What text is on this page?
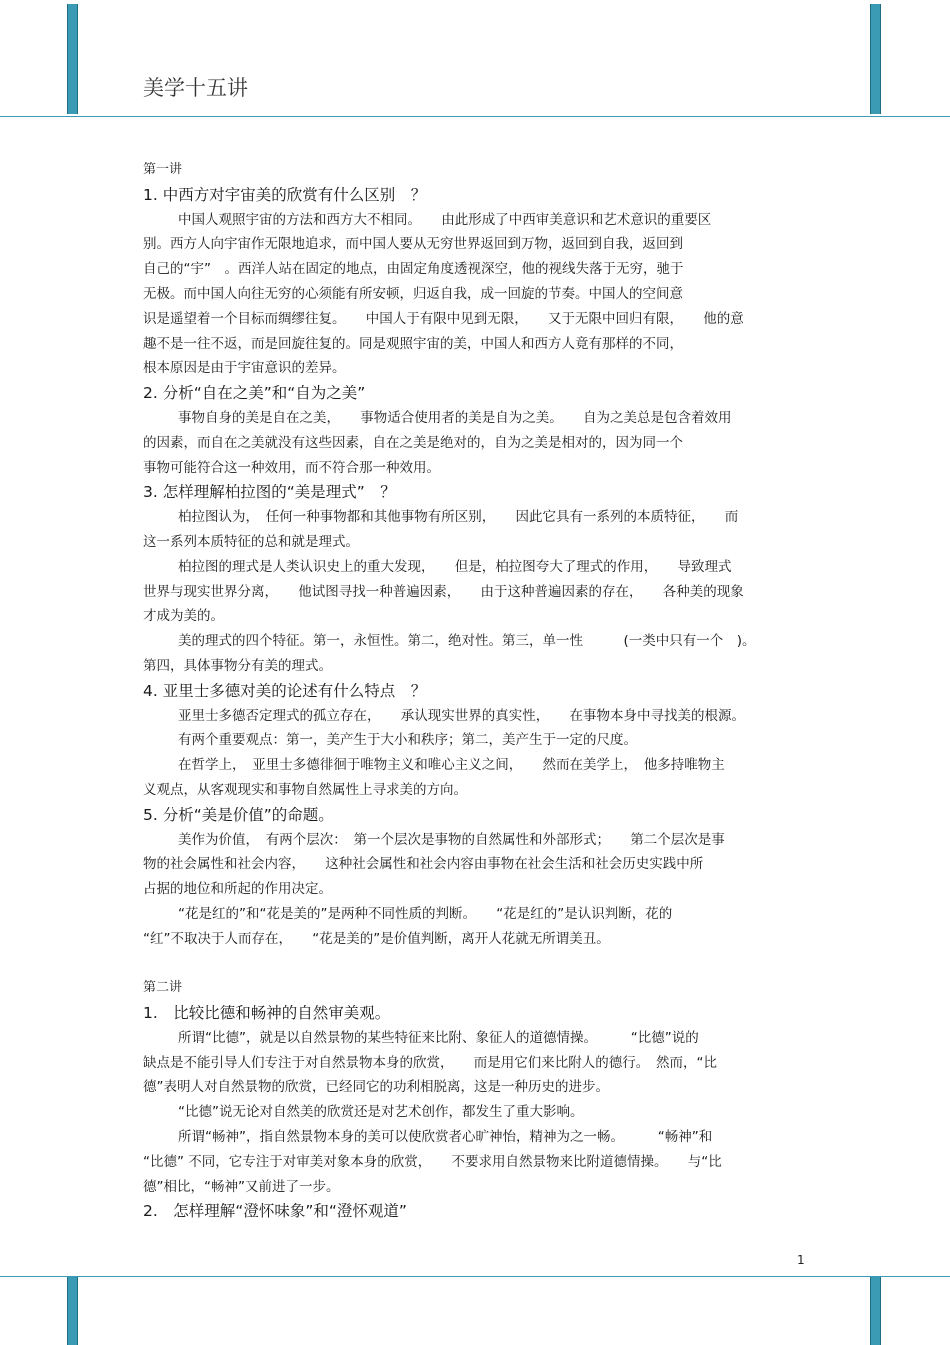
美学十五讲
第一讲
1. 中西方对宇宙美的欣赏有什么区别　？
中国人观照宇宙的方法和西方大不相同。　　由此形成了中西审美意识和艺术意识的重要区
别。西方人向宇宙作无限地追求，而中国人要从无穷世界返回到万物，返回到自我，返回到
自己的“宇”　。西洋人站在固定的地点，由固定角度透视深空，他的视线失落于无穷，驰于
无极。而中国人向往无穷的心须能有所安顿，归返自我，成一回旋的节奏。中国人的空间意
识是遥望着一个目标而绸缪往复。　　中国人于有限中见到无限，　　又于无限中回归有限，　　他的意
趣不是一往不返，而是回旋往复的。同是观照宇宙的美，中国人和西方人竟有那样的不同，
根本原因是由于宇宙意识的差异。
2. 分析“自在之美”和“自为之美”
事物自身的美是自在之美，　　事物适合使用者的美是自为之美。　　自为之美总是包含着效用
的因素，而自在之美就没有这些因素，自在之美是绝对的，自为之美是相对的，因为同一个
事物可能符合这一种效用，而不符合那一种效用。
3. 怎样理解柏拉图的“美是理式”　？
柏拉图认为，　任何一种事物都和其他事物有所区别，　　因此它具有一系列的本质特征，　　而
这一系列本质特征的总和就是理式。
柏拉图的理式是人类认识史上的重大发现，　　但是，柏拉图夸大了理式的作用，　　导致理式
世界与现实世界分离，　　他试图寻找一种普遍因素，　　由于这种普遍因素的存在，　　各种美的现象
才成为美的。
美的理式的四个特征。第一，永恒性。第二，绝对性。第三，单一性　　　(一类中只有一个　)。
第四，具体事物分有美的理式。
4. 亚里士多德对美的论述有什么特点　？
亚里士多德否定理式的孤立存在，　　承认现实世界的真实性，　　在事物本身中寻找美的根源。
有两个重要观点：第一，美产生于大小和秩序；第二，美产生于一定的尺度。
在哲学上，　亚里士多德徘徊于唯物主义和唯心主义之间，　　然而在美学上，　他多持唯物主
义观点，从客观现实和事物自然属性上寻求美的方向。
5. 分析“美是价值”的命题。
美作为价值，　有两个层次：　第一个层次是事物的自然属性和外部形式；　　第二个层次是事
物的社会属性和社会内容，　　这种社会属性和社会内容由事物在社会生活和社会历史实践中所
占据的地位和所起的作用决定。
“花是红的”和“花是美的”是两种不同性质的判断。　　“花是红的”是认识判断，花的
“红”不取决于人而存在，　　“花是美的”是价值判断，离开人花就无所谓美丑。
第二讲
1.　比较比德和畅神的自然审美观。
所谓“比德”，就是以自然景物的某些特征来比附、象征人的道德情操。　　　“比德”说的
缺点是不能引导人们专注于对自然景物本身的欣赏，　　而是用它们来比附人的德行。　然而，“比
德”表明人对自然景物的欣赏，已经同它的功利相脱离，这是一种历史的进步。
“比德”说无论对自然美的欣赏还是对艺术创作，都发生了重大影响。
所谓“畅神”，指自然景物本身的美可以使欣赏者心旷神怡，精神为之一畅。　　　“畅神”和
“比德” 不同，它专注于对审美对象本身的欣赏，　　不要求用自然景物来比附道德情操。　　与“比
德”相比，“畅神”又前进了一步。
2.　怎样理解“澄怀味象”和“澄怀观道”
1
